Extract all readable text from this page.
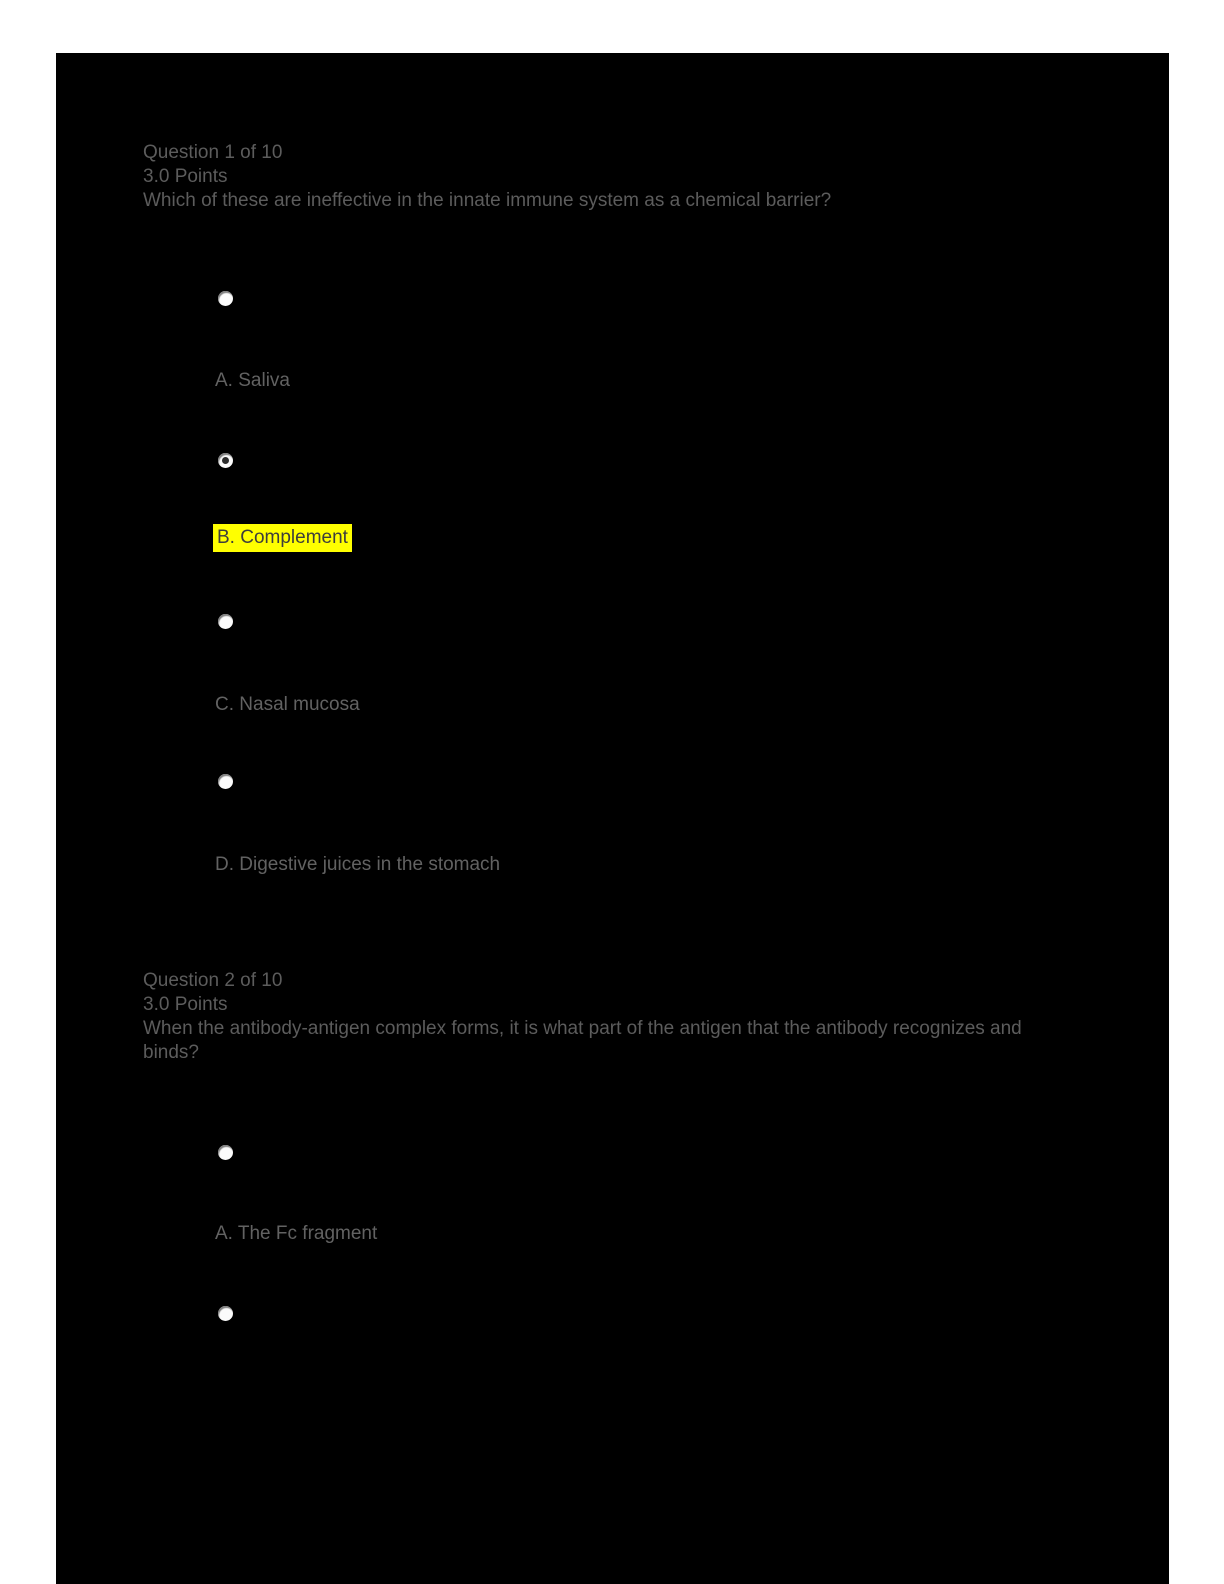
Question 1 of 10
3.0 Points
Which of these are ineffective in the innate immune system as a chemical barrier?
A. Saliva
B. Complement
C. Nasal mucosa
D. Digestive juices in the stomach
Question 2 of 10
3.0 Points
When the antibody-antigen complex forms, it is what part of the antigen that the antibody recognizes and binds?
A. The Fc fragment
